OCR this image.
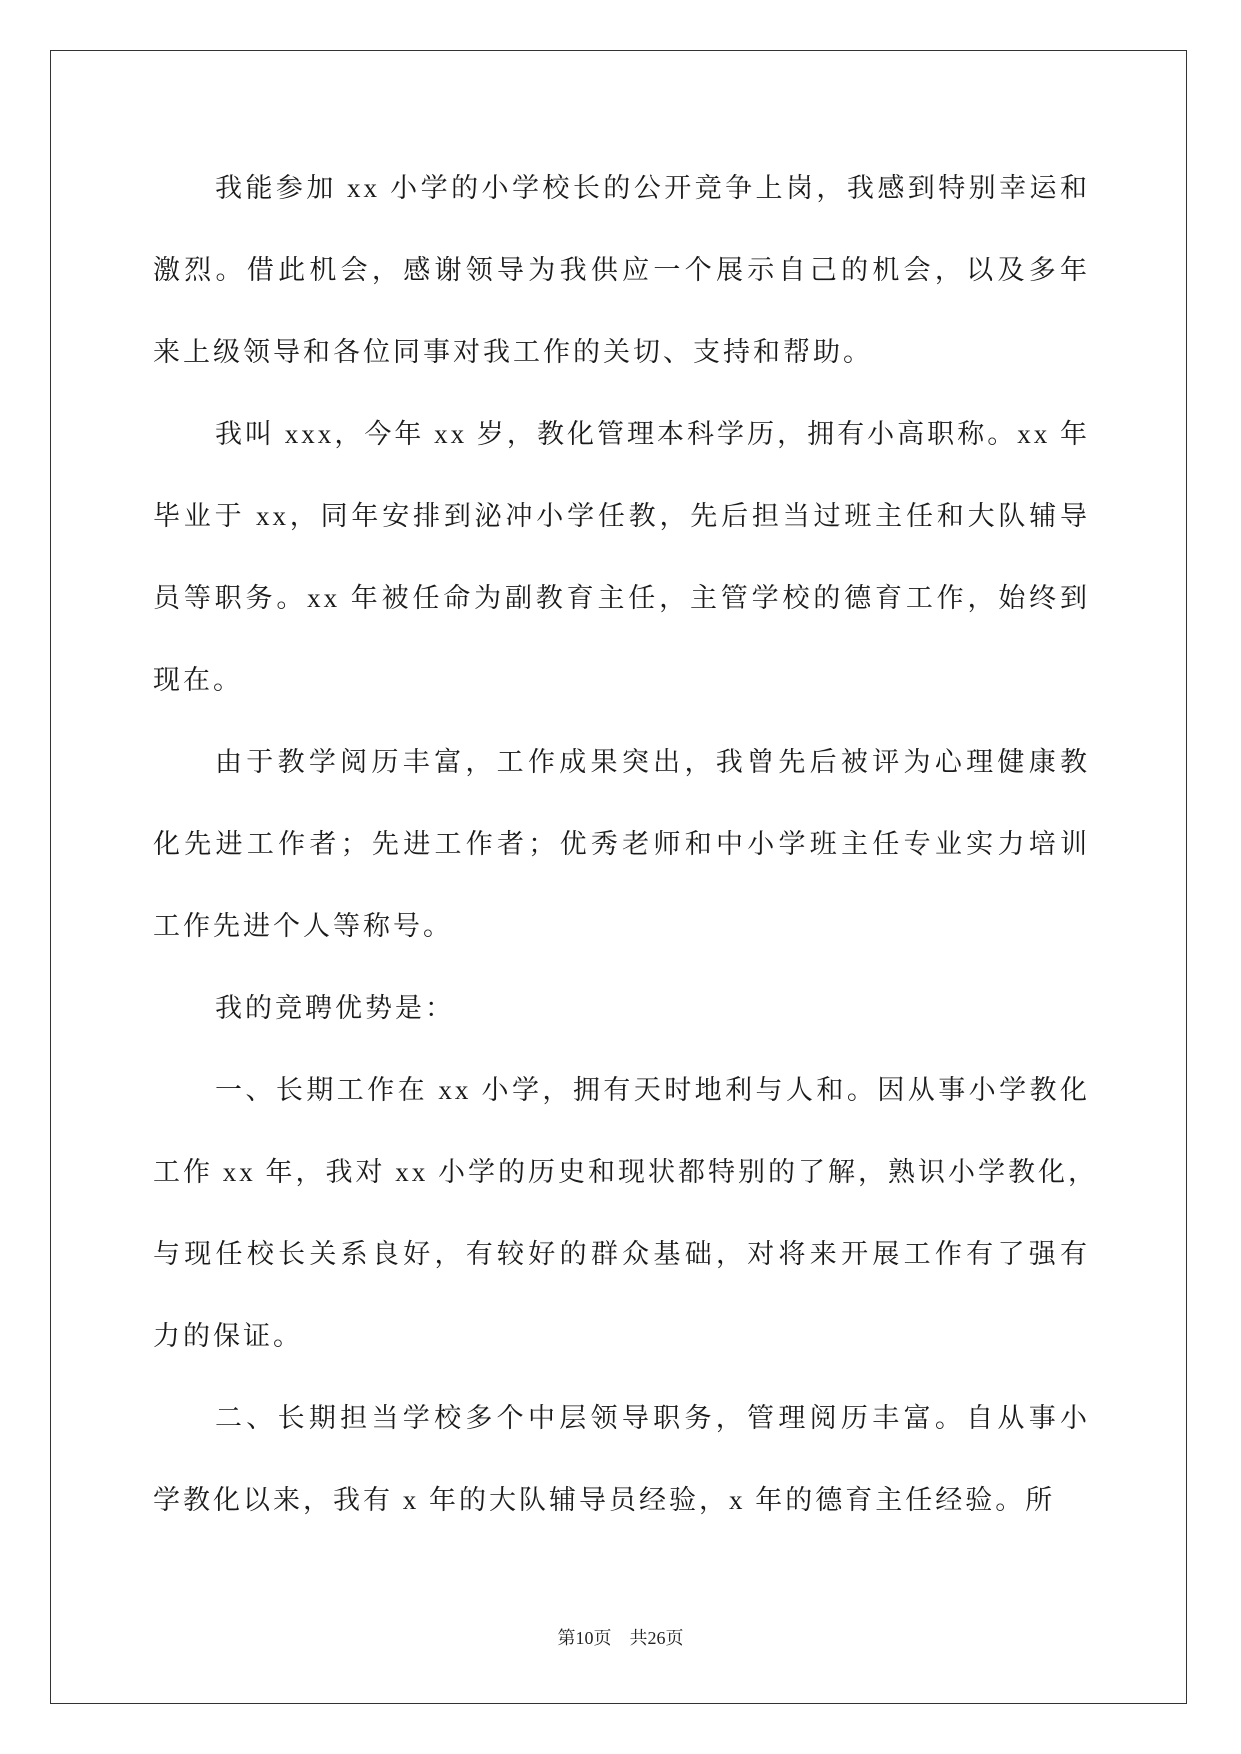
我能参加 xx 小学的小学校长的公开竞争上岗，我感到特别幸运和
激烈。借此机会，感谢领导为我供应一个展示自己的机会，以及多年
来上级领导和各位同事对我工作的关切、支持和帮助。
我叫 xxx，今年 xx 岁，教化管理本科学历，拥有小高职称。xx 年
毕业于 xx，同年安排到泌冲小学任教，先后担当过班主任和大队辅导
员等职务。xx 年被任命为副教育主任，主管学校的德育工作，始终到
现在。
由于教学阅历丰富，工作成果突出，我曾先后被评为心理健康教
化先进工作者；先进工作者；优秀老师和中小学班主任专业实力培训
工作先进个人等称号。
我的竞聘优势是：
一、长期工作在 xx 小学，拥有天时地利与人和。因从事小学教化
工作 xx 年，我对 xx 小学的历史和现状都特别的了解，熟识小学教化，
与现任校长关系良好，有较好的群众基础，对将来开展工作有了强有
力的保证。
二、长期担当学校多个中层领导职务，管理阅历丰富。自从事小
学教化以来，我有 x 年的大队辅导员经验，x 年的德育主任经验。所
第10页 共26页
